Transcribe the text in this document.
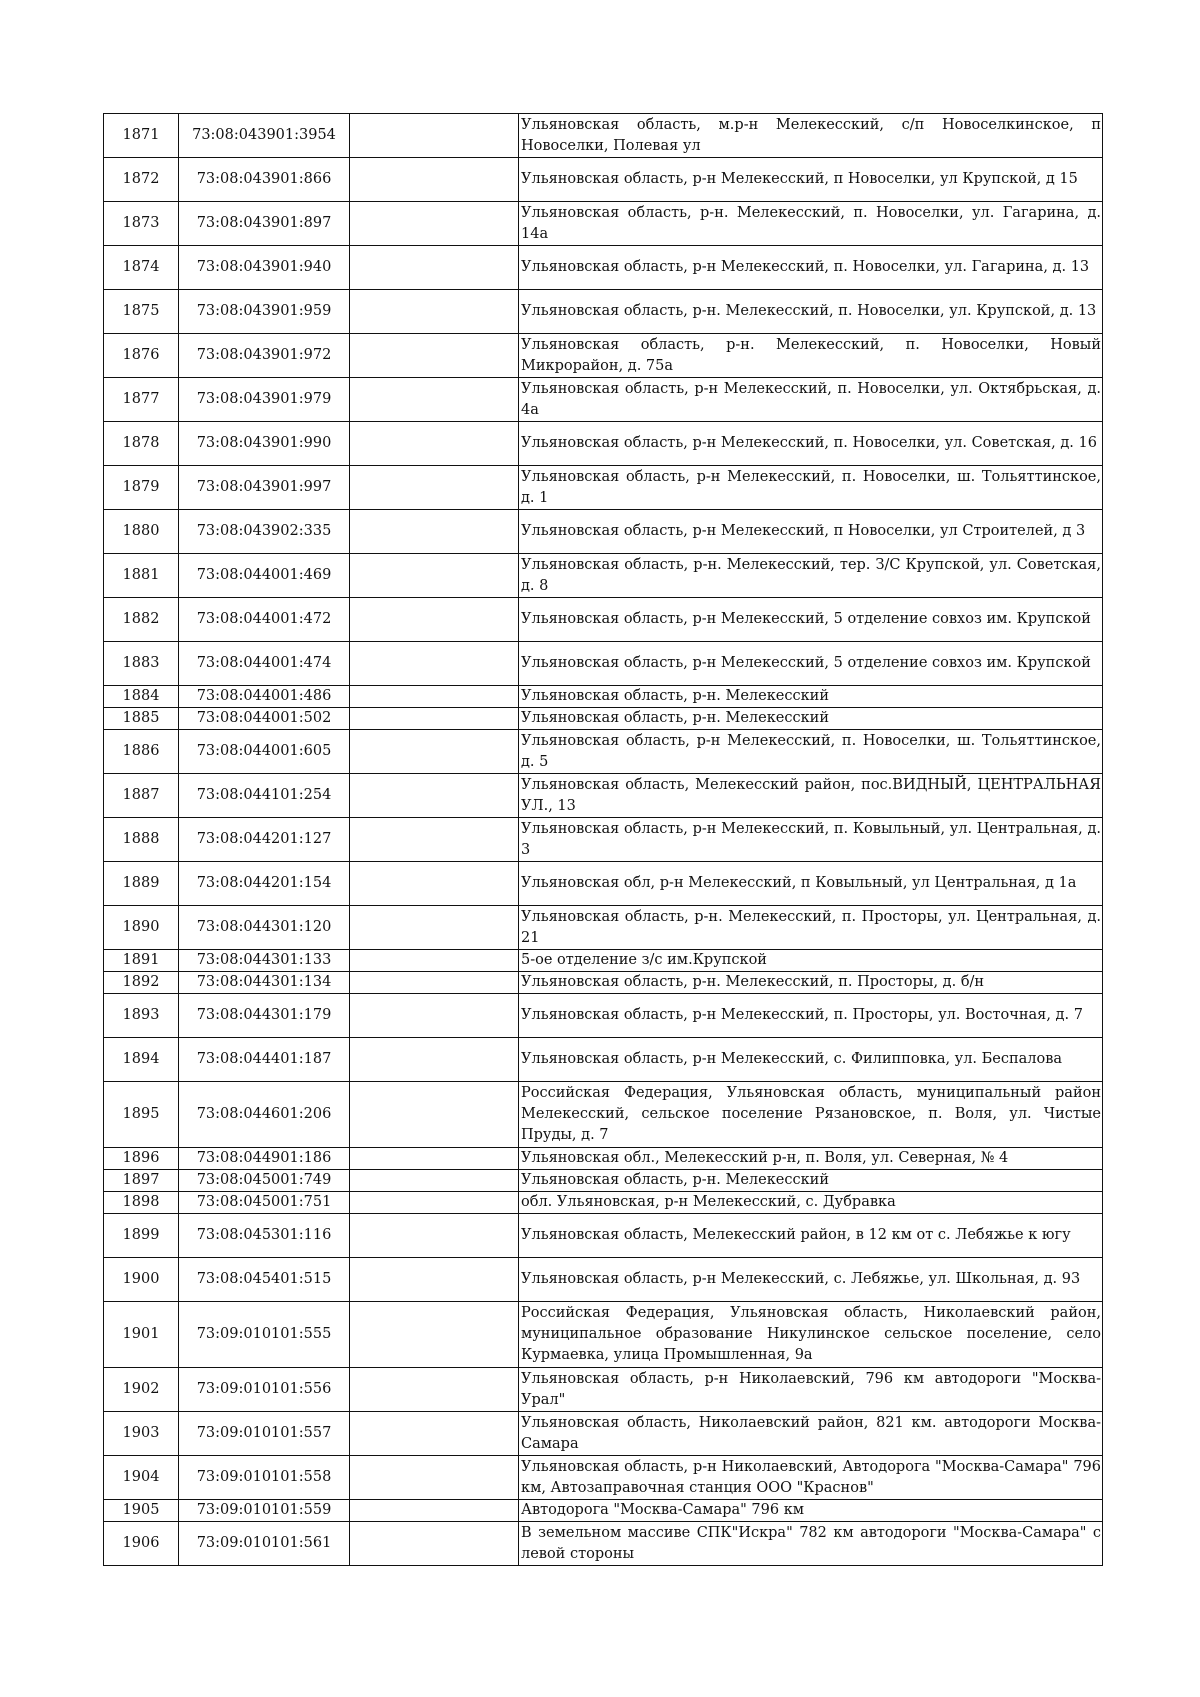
1871	73:08:043901:3954		Ульяновская область, м.р-н Мелекесский, с/п Новоселкинское, п Новоселки, Полевая ул
1872	73:08:043901:866		Ульяновская область, р-н Мелекесский, п Новоселки, ул Крупской, д 15
1873	73:08:043901:897		Ульяновская область, р-н. Мелекесский, п. Новоселки, ул. Гагарина, д. 14а
1874	73:08:043901:940		Ульяновская область, р-н Мелекесский, п. Новоселки, ул. Гагарина, д. 13
1875	73:08:043901:959		Ульяновская область, р-н. Мелекесский, п. Новоселки, ул. Крупской, д. 13
1876	73:08:043901:972		Ульяновская область, р-н. Мелекесский, п. Новоселки, Новый Микрорайон, д. 75а
1877	73:08:043901:979		Ульяновская область, р-н Мелекесский, п. Новоселки, ул. Октябрьская, д. 4а
1878	73:08:043901:990		Ульяновская область, р-н Мелекесский, п. Новоселки, ул. Советская, д. 16
1879	73:08:043901:997		Ульяновская область, р-н Мелекесский, п. Новоселки, ш. Тольяттинское, д. 1
1880	73:08:043902:335		Ульяновская область, р-н Мелекесский, п Новоселки, ул Строителей, д 3
1881	73:08:044001:469		Ульяновская область, р-н. Мелекесский, тер. З/С Крупской, ул. Советская, д. 8
1882	73:08:044001:472		Ульяновская область, р-н Мелекесский, 5 отделение совхоз им. Крупской
1883	73:08:044001:474		Ульяновская область, р-н Мелекесский, 5 отделение совхоз им. Крупской
1884	73:08:044001:486		Ульяновская область, р-н. Мелекесский
1885	73:08:044001:502		Ульяновская область, р-н. Мелекесский
1886	73:08:044001:605		Ульяновская область, р-н Мелекесский, п. Новоселки, ш. Тольяттинское, д. 5
1887	73:08:044101:254		Ульяновская область, Мелекесский район, пос.ВИДНЫЙ, ЦЕНТРАЛЬНАЯ УЛ., 13
1888	73:08:044201:127		Ульяновская область, р-н Мелекесский, п. Ковыльный, ул. Центральная, д. 3
1889	73:08:044201:154		Ульяновская обл, р-н Мелекесский, п Ковыльный, ул Центральная, д 1а
1890	73:08:044301:120		Ульяновская область, р-н. Мелекесский, п. Просторы, ул. Центральная, д. 21
1891	73:08:044301:133		5-ое отделение з/с им.Крупской
1892	73:08:044301:134		Ульяновская область, р-н. Мелекесский, п. Просторы, д. б/н
1893	73:08:044301:179		Ульяновская область, р-н Мелекесский, п. Просторы, ул. Восточная, д. 7
1894	73:08:044401:187		Ульяновская область, р-н Мелекесский, с. Филипповка, ул. Беспалова
1895	73:08:044601:206		Российская Федерация, Ульяновская область, муниципальный район Мелекесский, сельское поселение Рязановское, п. Воля, ул. Чистые Пруды, д. 7
1896	73:08:044901:186		Ульяновская обл., Мелекесский р-н, п. Воля, ул. Северная, № 4
1897	73:08:045001:749		Ульяновская область, р-н. Мелекесский
1898	73:08:045001:751		обл. Ульяновская, р-н Мелекесский, с. Дубравка
1899	73:08:045301:116		Ульяновская область, Мелекесский район, в 12 км от с. Лебяжье к югу
1900	73:08:045401:515		Ульяновская область, р-н Мелекесский, с. Лебяжье, ул. Школьная, д. 93
1901	73:09:010101:555		Российская Федерация, Ульяновская область, Николаевский район, муниципальное образование Никулинское сельское поселение, село Курмаевка, улица Промышленная, 9а
1902	73:09:010101:556		Ульяновская область, р-н Николаевский, 796 км автодороги "Москва-Урал"
1903	73:09:010101:557		Ульяновская область, Николаевский район, 821 км. автодороги Москва-Самара
1904	73:09:010101:558		Ульяновская область, р-н Николаевский, Автодорога "Москва-Самара" 796 км, Автозаправочная станция ООО "Краснов"
1905	73:09:010101:559		Автодорога "Москва-Самара" 796 км
1906	73:09:010101:561		В земельном массиве СПК"Искра" 782 км автодороги "Москва-Самара" с левой стороны
